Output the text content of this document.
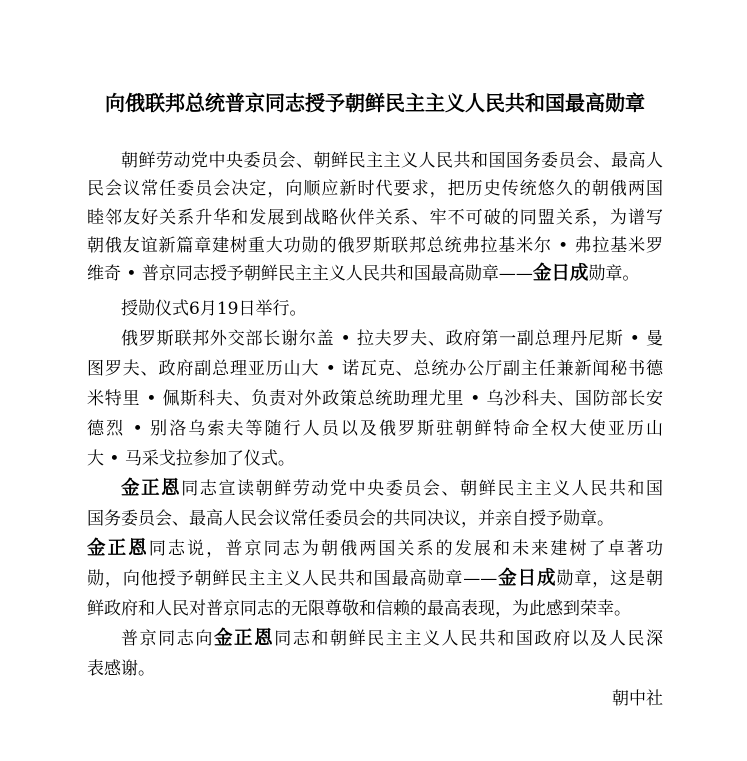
向俄联邦总统普京同志授予朝鲜民主主义人民共和国最高勋章
朝鲜劳动党中央委员会、朝鲜民主主义人民共和国国务委员会、最高人
民会议常任委员会决定，向顺应新时代要求，把历史传统悠久的朝俄两国
睦邻友好关系升华和发展到战略伙伴关系、牢不可破的同盟关系，为谱写
朝俄友谊新篇章建树重大功勋的俄罗斯联邦总统弗拉基米尔 • 弗拉基米罗
维奇 • 普京同志授予朝鲜民主主义人民共和国最高勋章——金日成勋章。
授勋仪式6月19日举行。
俄罗斯联邦外交部长谢尔盖 • 拉夫罗夫、政府第一副总理丹尼斯 • 曼
图罗夫、政府副总理亚历山大 • 诺瓦克、总统办公厅副主任兼新闻秘书德
米特里 • 佩斯科夫、负责对外政策总统助理尤里 • 乌沙科夫、国防部长安
德烈 • 别洛乌索夫等随行人员以及俄罗斯驻朝鲜特命全权大使亚历山
大 • 马采戈拉参加了仪式。
金正恩同志宣读朝鲜劳动党中央委员会、朝鲜民主主义人民共和国
国务委员会、最高人民会议常任委员会的共同决议，并亲自授予勋章。
金正恩同志说，普京同志为朝俄两国关系的发展和未来建树了卓著功
勋，向他授予朝鲜民主主义人民共和国最高勋章——金日成勋章，这是朝
鲜政府和人民对普京同志的无限尊敬和信赖的最高表现，为此感到荣幸。
普京同志向金正恩同志和朝鲜民主主义人民共和国政府以及人民深
表感谢。
朝中社
